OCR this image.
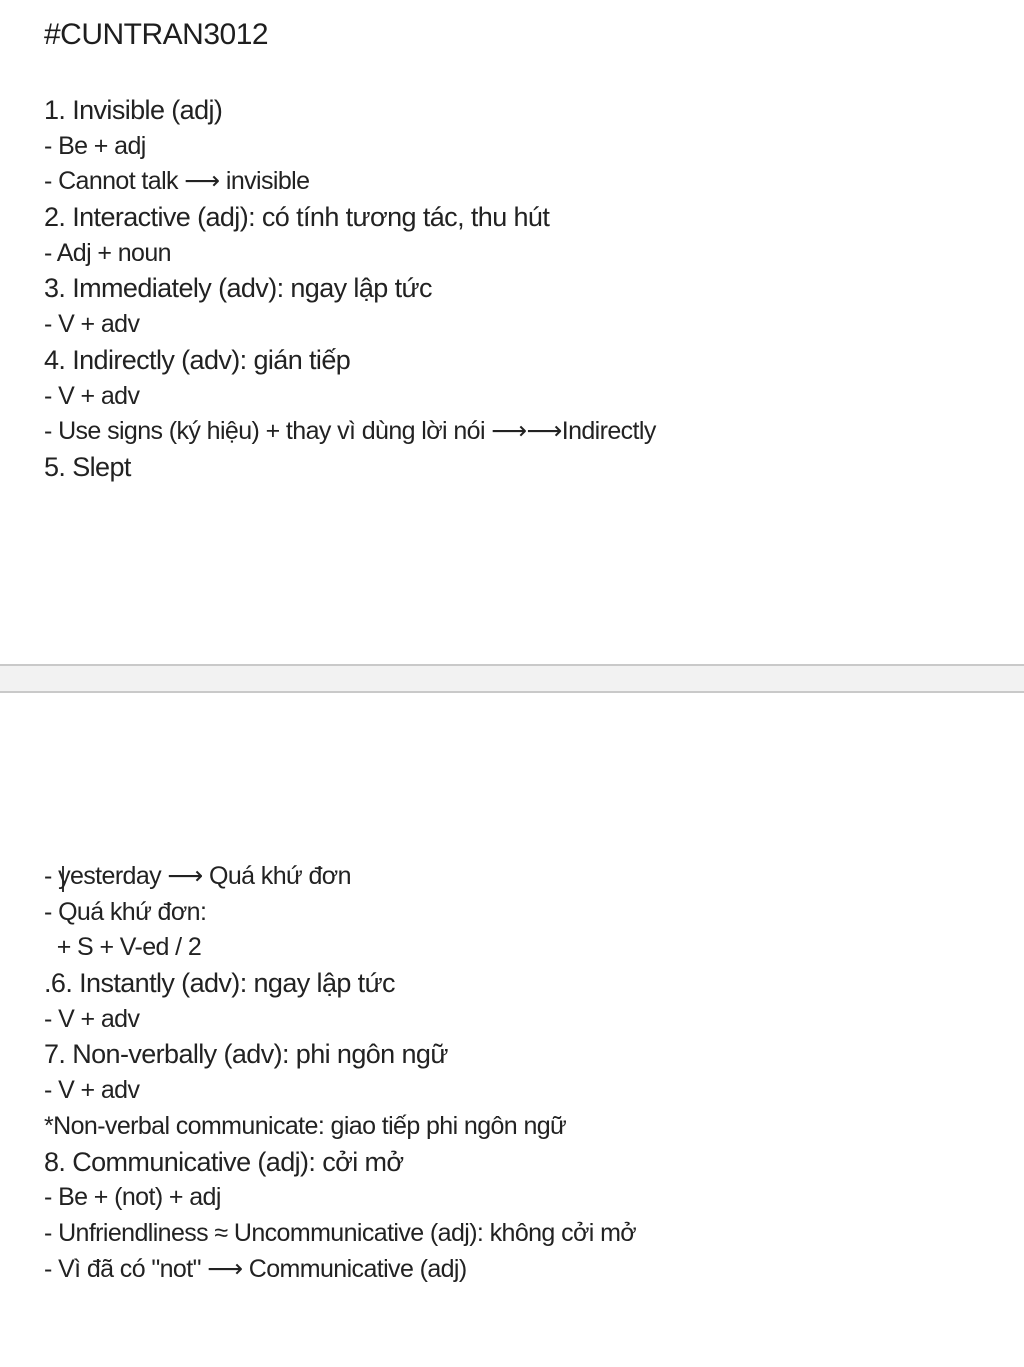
#CUNTRAN3012
1. Invisible (adj)
- Be + adj
- Cannot talk ⟶ invisible
2. Interactive (adj): có tính tương tác, thu hút
- Adj + noun
3. Immediately (adv): ngay lập tức
- V + adv
4. Indirectly (adv): gián tiếp
- V + adv
- Use signs (ký hiệu) + thay vì dùng lời nói ⟶⟶Indirectly
5. Slept
- yesterday ⟶ Quá khứ đơn
- Quá khứ đơn:
+ S + V-ed / 2
.6. Instantly (adv): ngay lập tức
- V + adv
7. Non-verbally (adv): phi ngôn ngữ
- V + adv
*Non-verbal communicate: giao tiếp phi ngôn ngữ
8. Communicative (adj): cởi mở
- Be + (not) + adj
- Unfriendliness ≈ Uncommunicative (adj): không cởi mở
- Vì đã có "not" ⟶ Communicative (adj)
